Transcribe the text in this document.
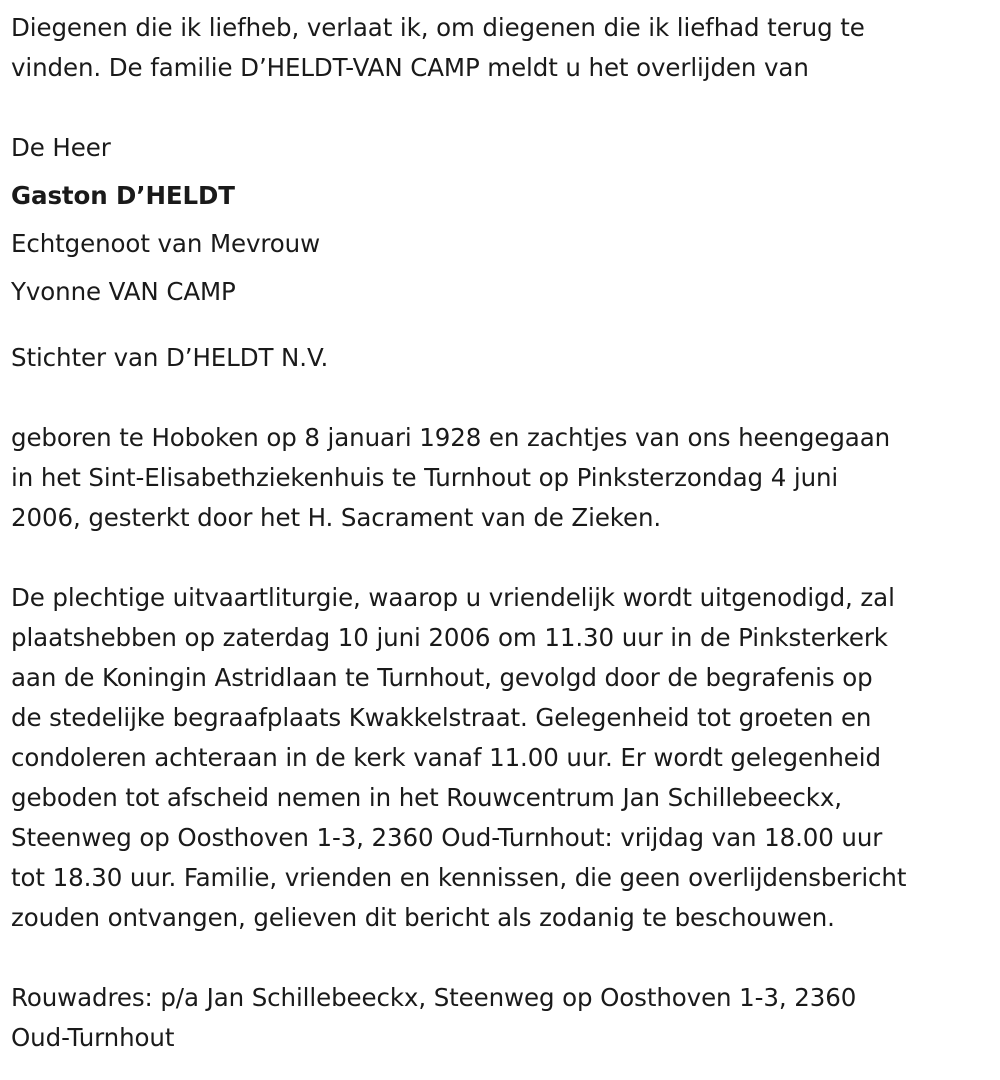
Diegenen die ik liefheb, verlaat ik, om diegenen die ik liefhad terug te
vinden. De familie D’HELDT-VAN CAMP meldt u het overlijden van
De Heer
Gaston D’HELDT
Echtgenoot van Mevrouw
Yvonne VAN CAMP
Stichter van D’HELDT N.V.
geboren te Hoboken op 8 januari 1928 en zachtjes van ons heengegaan
in het Sint-Elisabethziekenhuis te Turnhout op Pinksterzondag 4 juni
2006, gesterkt door het H. Sacrament van de Zieken.
De plechtige uitvaartliturgie, waarop u vriendelijk wordt uitgenodigd, zal
plaatshebben op zaterdag 10 juni 2006 om 11.30 uur in de Pinksterkerk
aan de Koningin Astridlaan te Turnhout, gevolgd door de begrafenis op
de stedelijke begraafplaats Kwakkelstraat. Gelegenheid tot groeten en
condoleren achteraan in de kerk vanaf 11.00 uur. Er wordt gelegenheid
geboden tot afscheid nemen in het Rouwcentrum Jan Schillebeeckx,
Steenweg op Oosthoven 1-3, 2360 Oud-Turnhout: vrijdag van 18.00 uur
tot 18.30 uur. Familie, vrienden en kennissen, die geen overlijdensbericht
zouden ontvangen, gelieven dit bericht als zodanig te beschouwen.
Rouwadres: p/a Jan Schillebeeckx, Steenweg op Oosthoven 1-3, 2360
Oud-Turnhout
